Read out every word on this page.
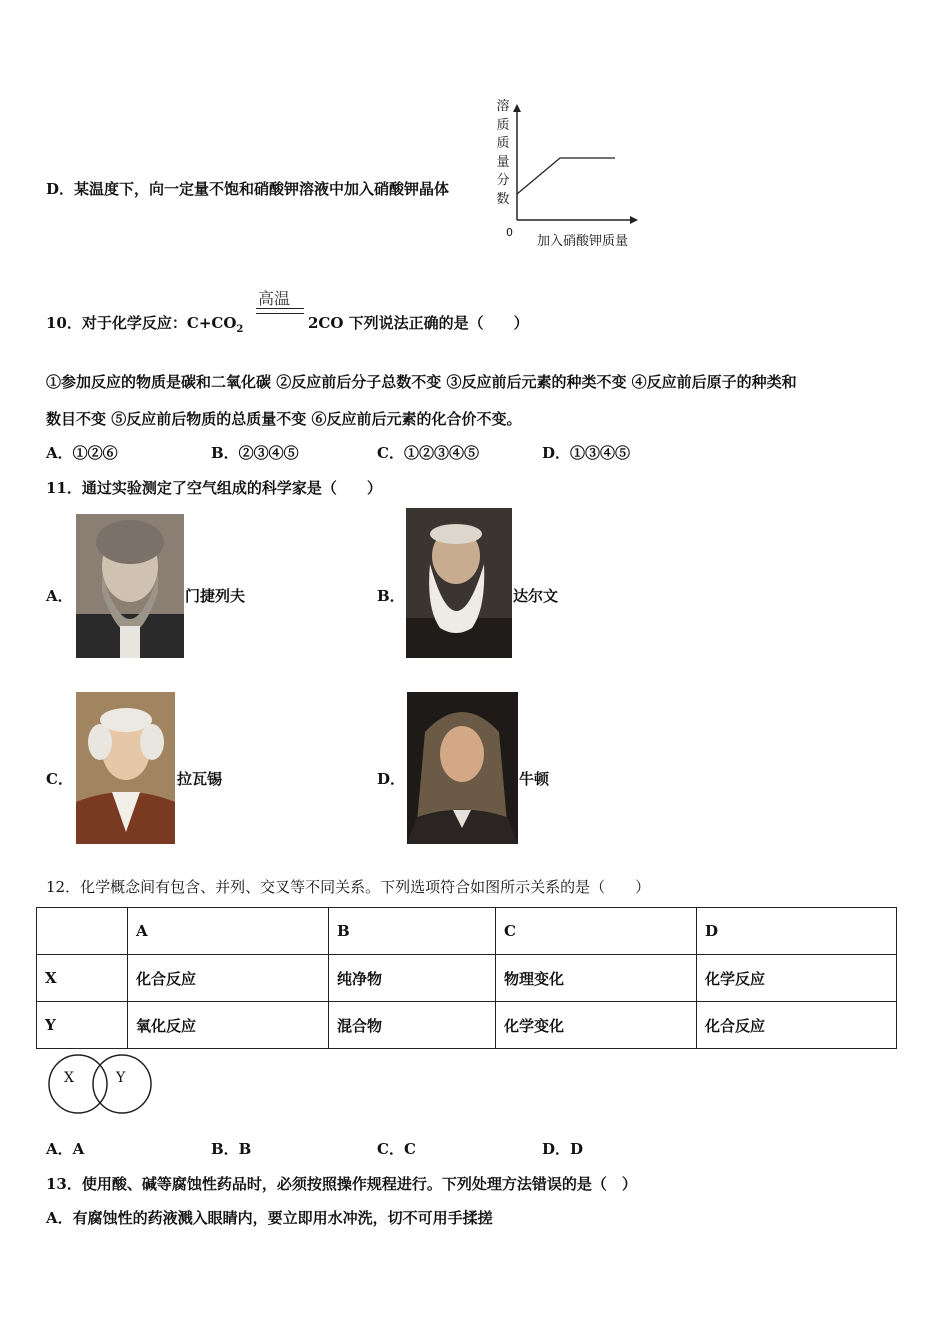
D．某温度下，向一定量不饱和硝酸钾溶液中加入硝酸钾晶体
溶
质
质
量
分
数
0
加入硝酸钾质量
10．对于化学反应：$C+CO_2$
高温
2CO 下列说法正确的是（　　）
①参加反应的物质是碳和二氧化碳 ②反应前后分子总数不变 ③反应前后元素的种类不变 ④反应前后原子的种类和
数目不变 ⑤反应前后物质的总质量不变 ⑥反应前后元素的化合价不变。
A．①②⑥	B．②③④⑤	C．①②③④⑤	D．①③④⑤
11．通过实验测定了空气组成的科学家是（　　）
A．	门捷列夫	B．	达尔文
C．	拉瓦锡	D．	牛顿
12．化学概念间有包含、并列、交叉等不同关系。下列选项符合如图所示关系的是（　　）
	A	B	C	D
X	化合反应	纯净物	物理变化	化学反应
Y	氧化反应	混合物	化学变化	化合反应
X	Y
A．A	B．B	C．C	D．D
13．使用酸、碱等腐蚀性药品时，必须按照操作规程进行。下列处理方法错误的是（　）
A．有腐蚀性的药液溅入眼睛内，要立即用水冲洗，切不可用手揉搓
